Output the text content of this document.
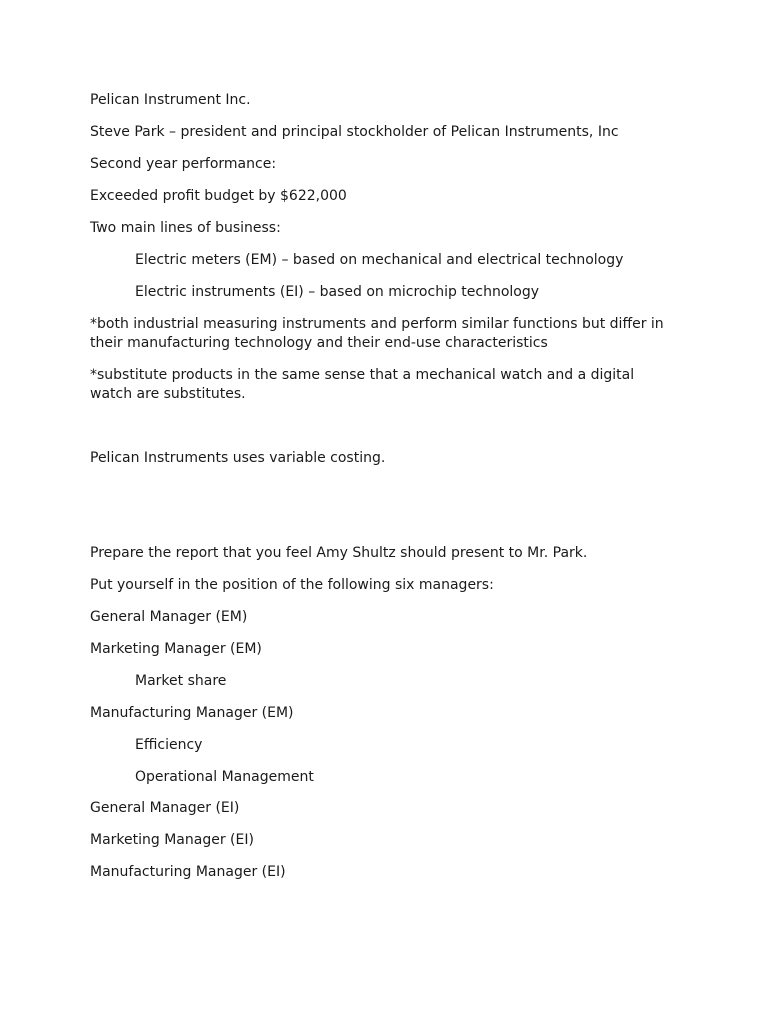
Pelican Instrument Inc.
Steve Park – president and principal stockholder of Pelican Instruments, Inc
Second year performance:
Exceeded profit budget by $622,000
Two main lines of business:
Electric meters (EM) – based on mechanical and electrical technology
Electric instruments (EI) – based on microchip technology
*both industrial measuring instruments and perform similar functions but differ in their manufacturing technology and their end-use characteristics
*substitute products in the same sense that a mechanical watch and a digital watch are substitutes.
Pelican Instruments uses variable costing.
Prepare the report that you feel Amy Shultz should present to Mr. Park.
Put yourself in the position of the following six managers:
General Manager (EM)
Marketing Manager (EM)
Market share
Manufacturing Manager (EM)
Efficiency
Operational Management
General Manager (EI)
Marketing Manager (EI)
Manufacturing Manager (EI)
